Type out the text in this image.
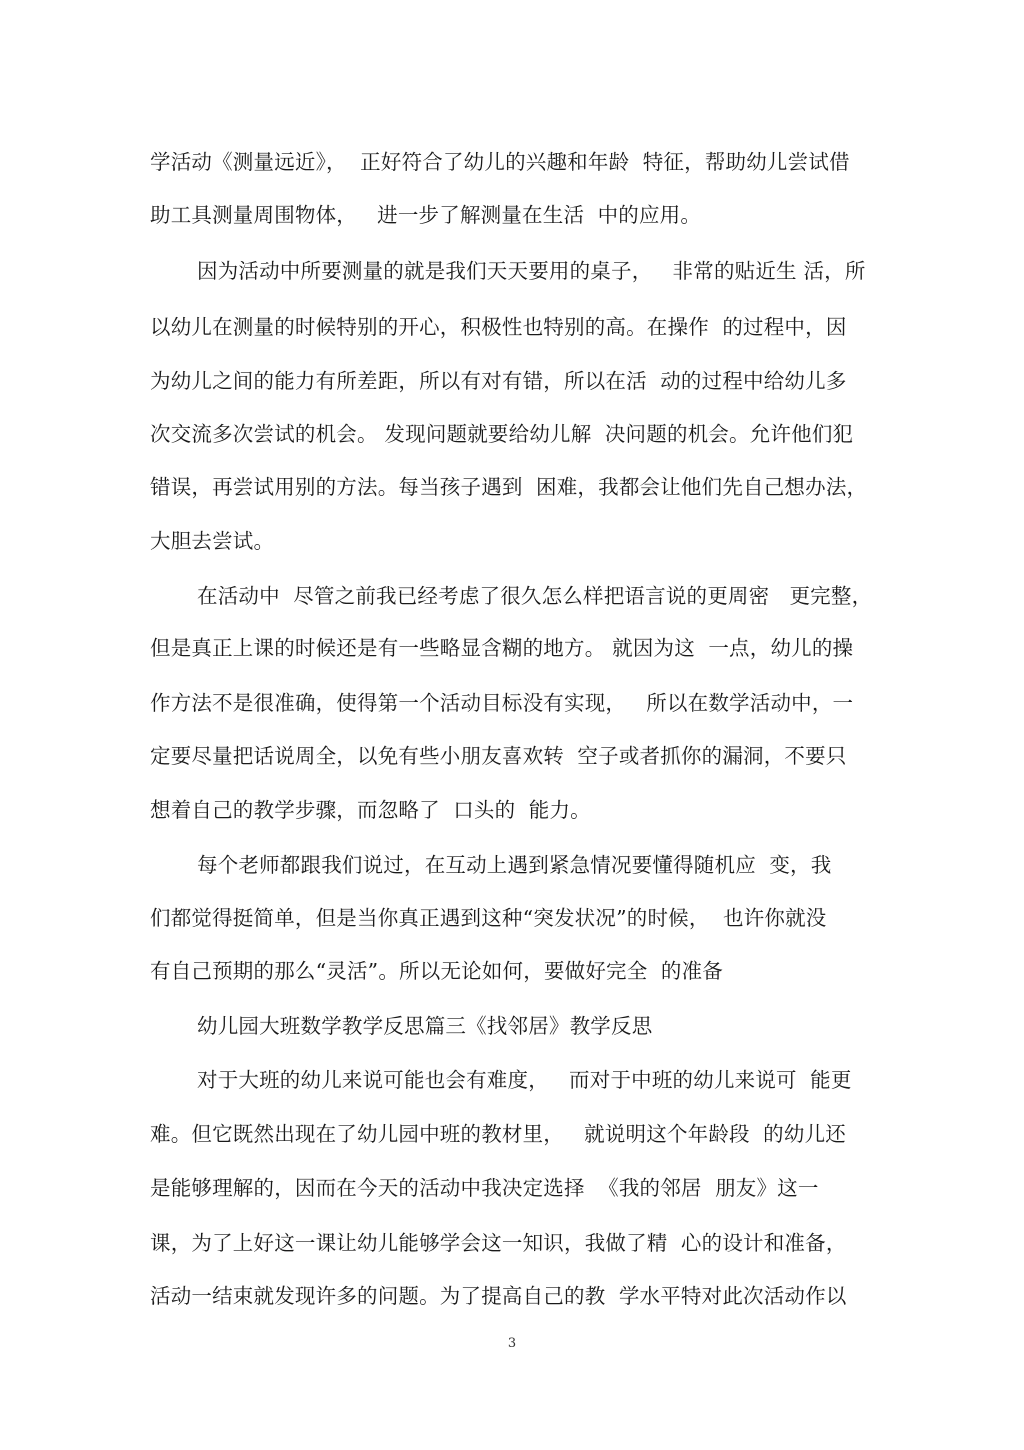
学活动《测量远近》，  正好符合了幼儿的兴趣和年龄  特征，帮助幼儿尝试借
助工具测量周围物体，   进一步了解测量在生活  中的应用。
因为活动中所要测量的就是我们天天要用的桌子，   非常的贴近生 活，所
以幼儿在测量的时候特别的开心，积极性也特别的高。在操作  的过程中，因
为幼儿之间的能力有所差距，所以有对有错，所以在活  动的过程中给幼儿多
次交流多次尝试的机会。 发现问题就要给幼儿解  决问题的机会。允许他们犯
错误，再尝试用别的方法。每当孩子遇到  困难，我都会让他们先自己想办法，
大胆去尝试。
在活动中  尽管之前我已经考虑了很久怎么样把语言说的更周密   更完整，
但是真正上课的时候还是有一些略显含糊的地方。 就因为这  一点，幼儿的操
作方法不是很准确，使得第一个活动目标没有实现，   所以在数学活动中，一
定要尽量把话说周全，以免有些小朋友喜欢转  空子或者抓你的漏洞，不要只
想着自己的教学步骤，而忽略了  口头的  能力。
每个老师都跟我们说过，在互动上遇到紧急情况要懂得随机应  变，我
们都觉得挺简单，但是当你真正遇到这种“突发状况”的时候，  也许你就没
有自己预期的那么“灵活”。所以无论如何，要做好完全  的准备
幼儿园大班数学教学反思篇三《找邻居》教学反思
对于大班的幼儿来说可能也会有难度，   而对于中班的幼儿来说可  能更
难。但它既然出现在了幼儿园中班的教材里，   就说明这个年龄段  的幼儿还
是能够理解的，因而在今天的活动中我决定选择  《我的邻居  朋友》这一
课，为了上好这一课让幼儿能够学会这一知识，我做了精  心的设计和准备，
活动一结束就发现许多的问题。为了提高自己的教  学水平特对此次活动作以
3
